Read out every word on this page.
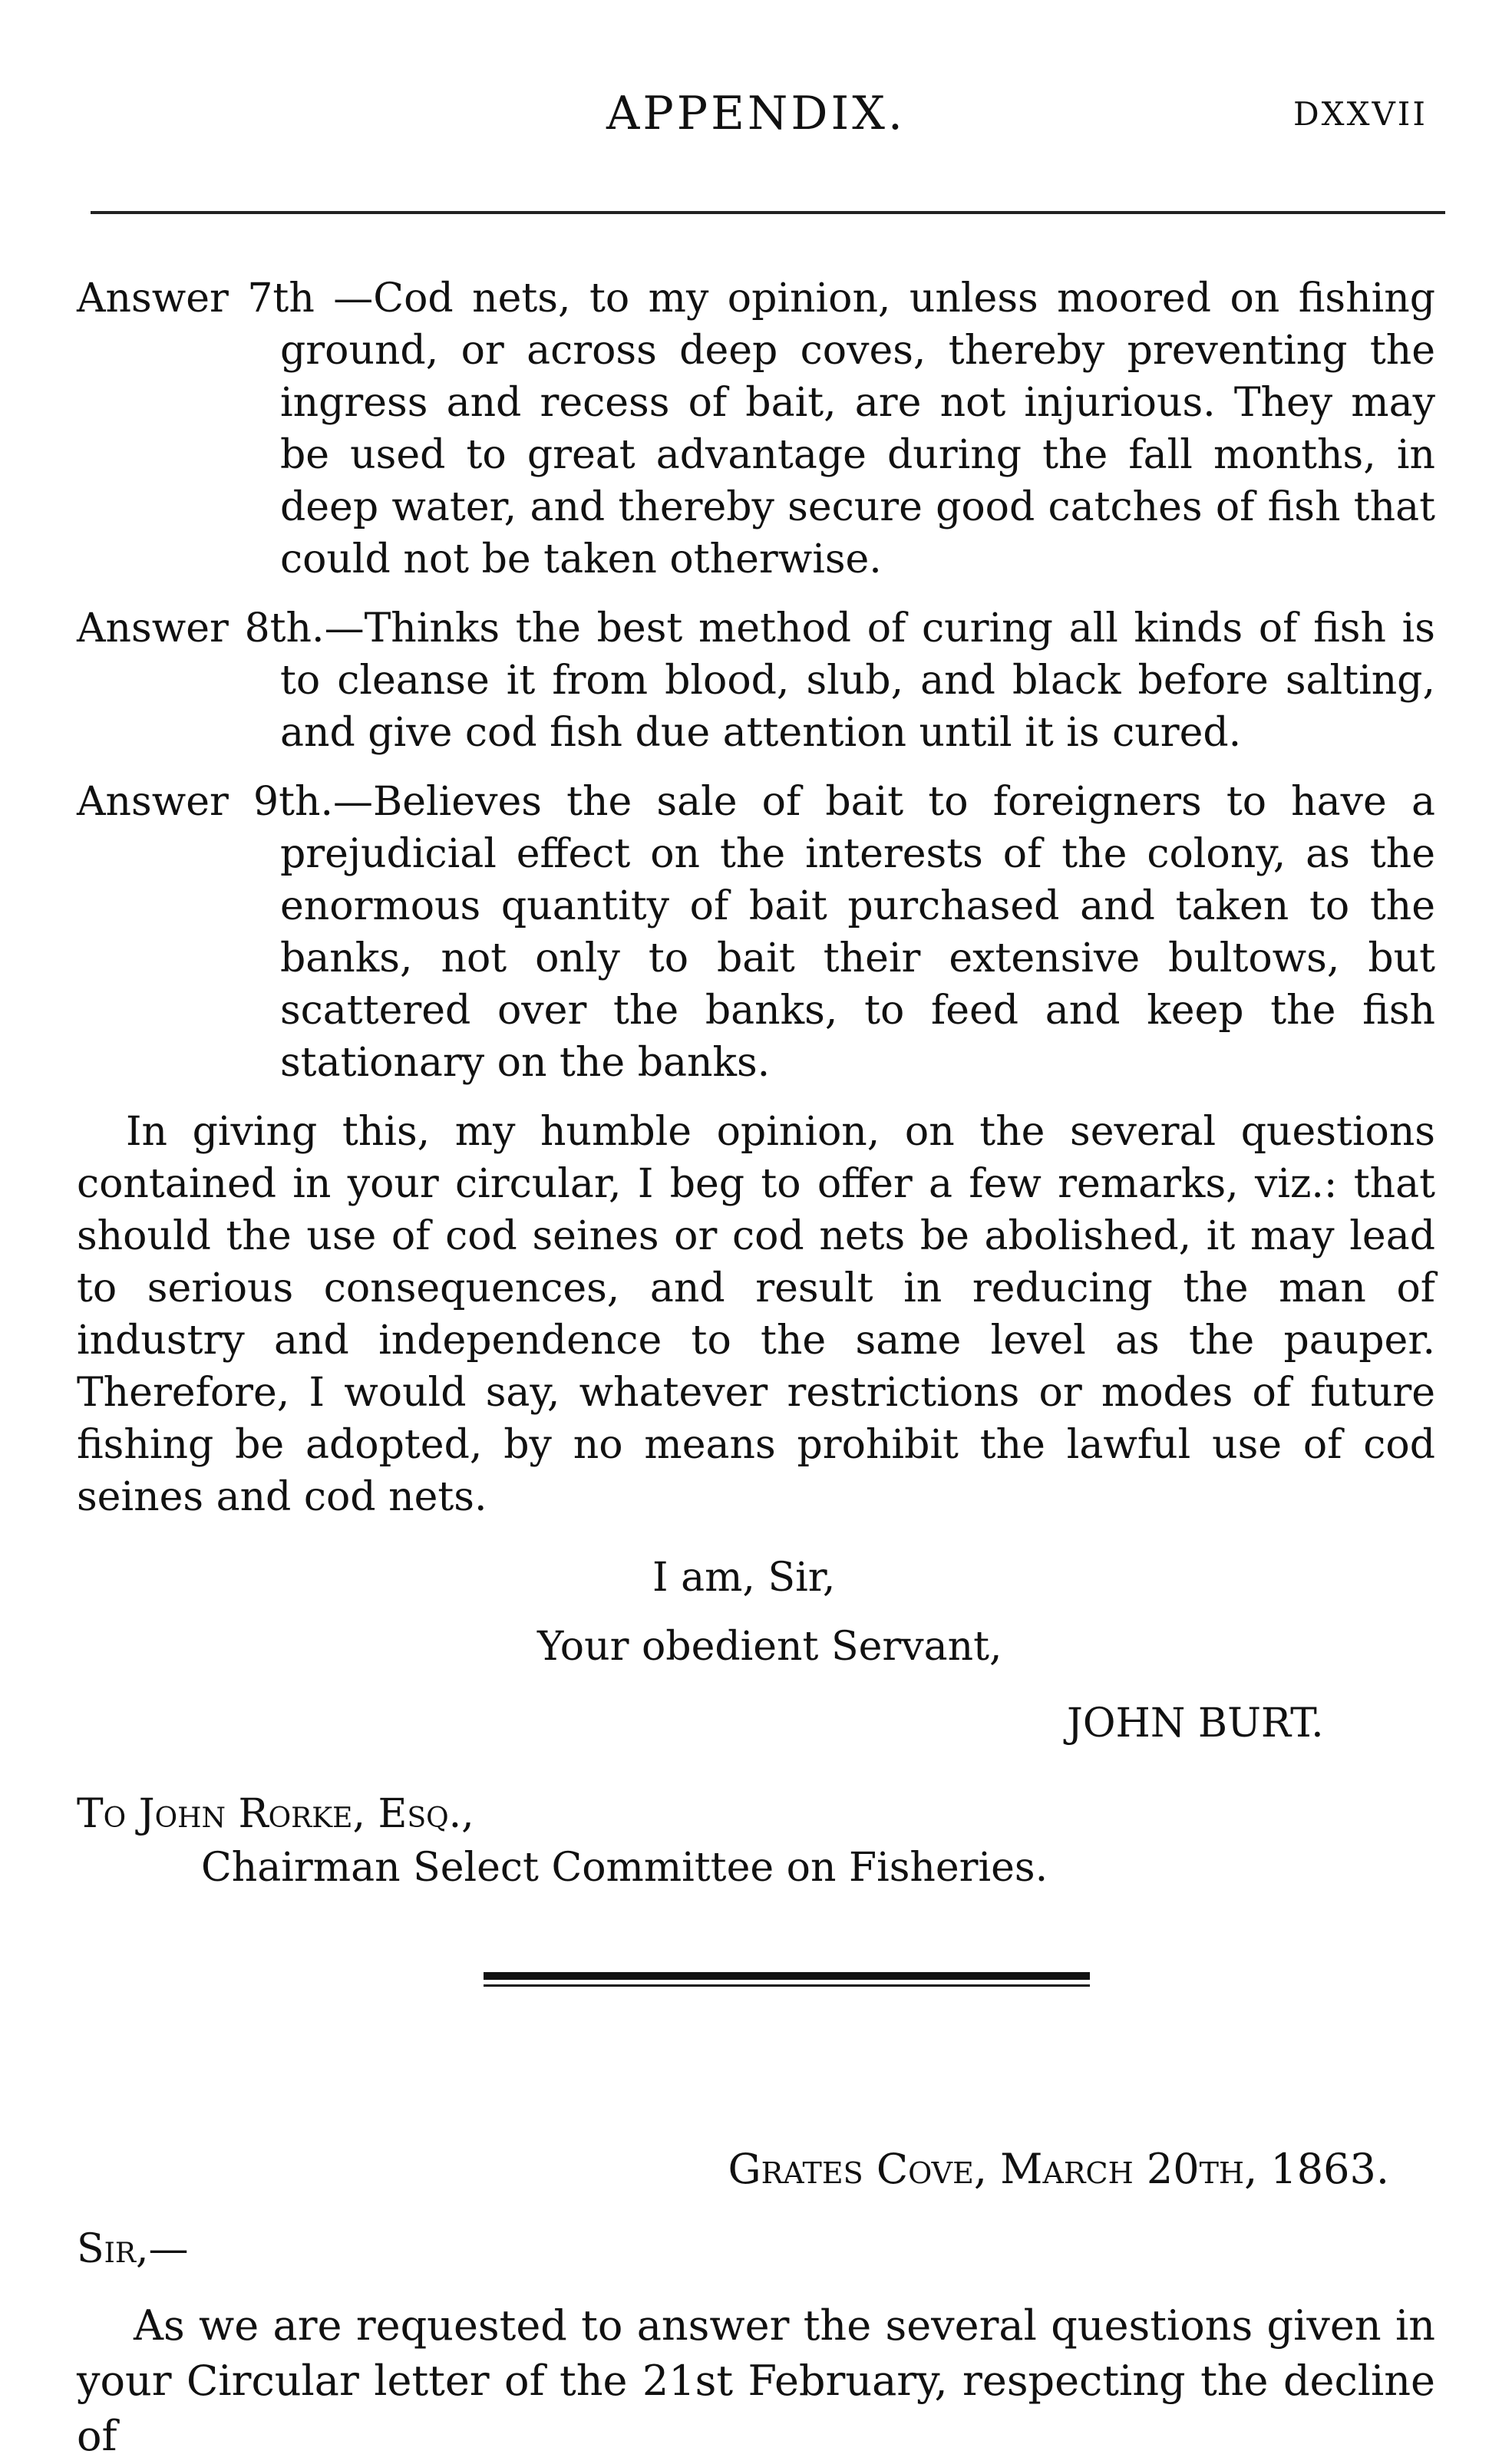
APPENDIX.	DXXVII

Answer 7th —Cod nets, to my opinion, unless moored on fishing ground, or across deep coves, thereby preventing the ingress and recess of bait, are not injurious. They may be used to great advantage during the fall months, in deep water, and thereby secure good catches of fish that could not be taken otherwise.

Answer 8th.—Thinks the best method of curing all kinds of fish is to cleanse it from blood, slub, and black before salting, and give cod fish due attention until it is cured.

Answer 9th.—Believes the sale of bait to foreigners to have a prejudicial effect on the interests of the colony, as the enormous quantity of bait purchased and taken to the banks, not only to bait their extensive bultows, but scattered over the banks, to feed and keep the fish stationary on the banks.

In giving this, my humble opinion, on the several questions contained in your circular, I beg to offer a few remarks, viz.: that should the use of cod seines or cod nets be abolished, it may lead to serious consequences, and result in reducing the man of industry and independence to the same level as the pauper. Therefore, I would say, whatever restrictions or modes of future fishing be adopted, by no means prohibit the lawful use of cod seines and cod nets.

I am, Sir,
Your obedient Servant,
JOHN BURT.
To John Rorke, Esq.,
Chairman Select Committee on Fisheries.
Grates Cove, March 20th, 1863.
Sir,—

As we are requested to answer the several questions given in your Circular letter of the 21st February, respecting the decline of
